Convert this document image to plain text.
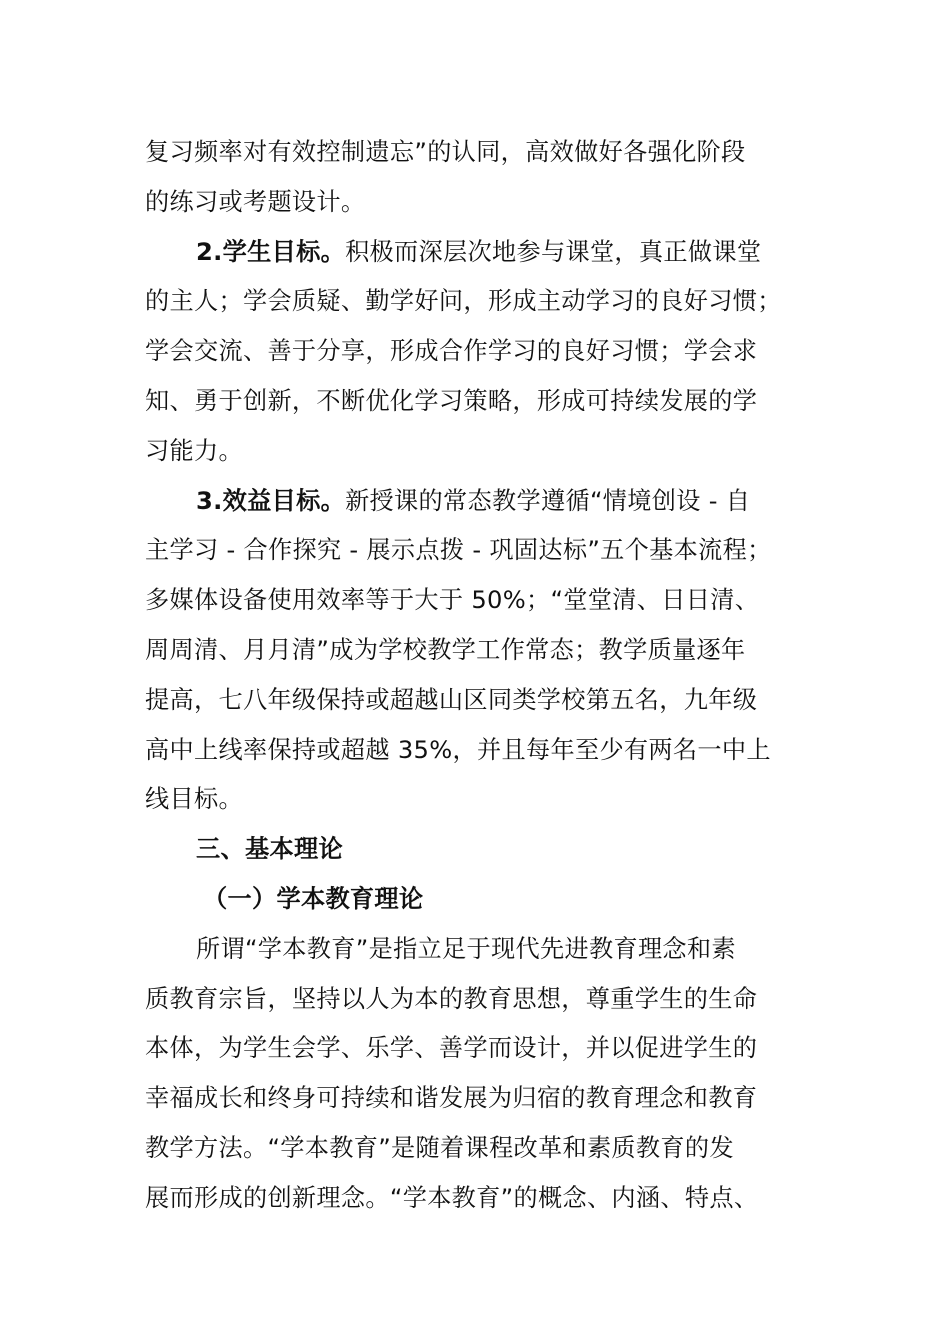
复习频率对有效控制遗忘”的认同，高效做好各强化阶段
的练习或考题设计。
2.学生目标。积极而深层次地参与课堂，真正做课堂
的主人；学会质疑、勤学好问，形成主动学习的良好习惯；
学会交流、善于分享，形成合作学习的良好习惯；学会求
知、勇于创新，不断优化学习策略，形成可持续发展的学
习能力。
3.效益目标。新授课的常态教学遵循“情境创设 - 自
主学习 - 合作探究 - 展示点拨 - 巩固达标”五个基本流程；
多媒体设备使用效率等于大于 50%；“堂堂清、日日清、
周周清、月月清”成为学校教学工作常态；教学质量逐年
提高，七八年级保持或超越山区同类学校第五名，九年级
高中上线率保持或超越 35%，并且每年至少有两名一中上
线目标。
三、基本理论
（一）学本教育理论
所谓“学本教育”是指立足于现代先进教育理念和素
质教育宗旨，坚持以人为本的教育思想，尊重学生的生命
本体，为学生会学、乐学、善学而设计，并以促进学生的
幸福成长和终身可持续和谐发展为归宿的教育理念和教育
教学方法。“学本教育”是随着课程改革和素质教育的发
展而形成的创新理念。“学本教育”的概念、内涵、特点、
